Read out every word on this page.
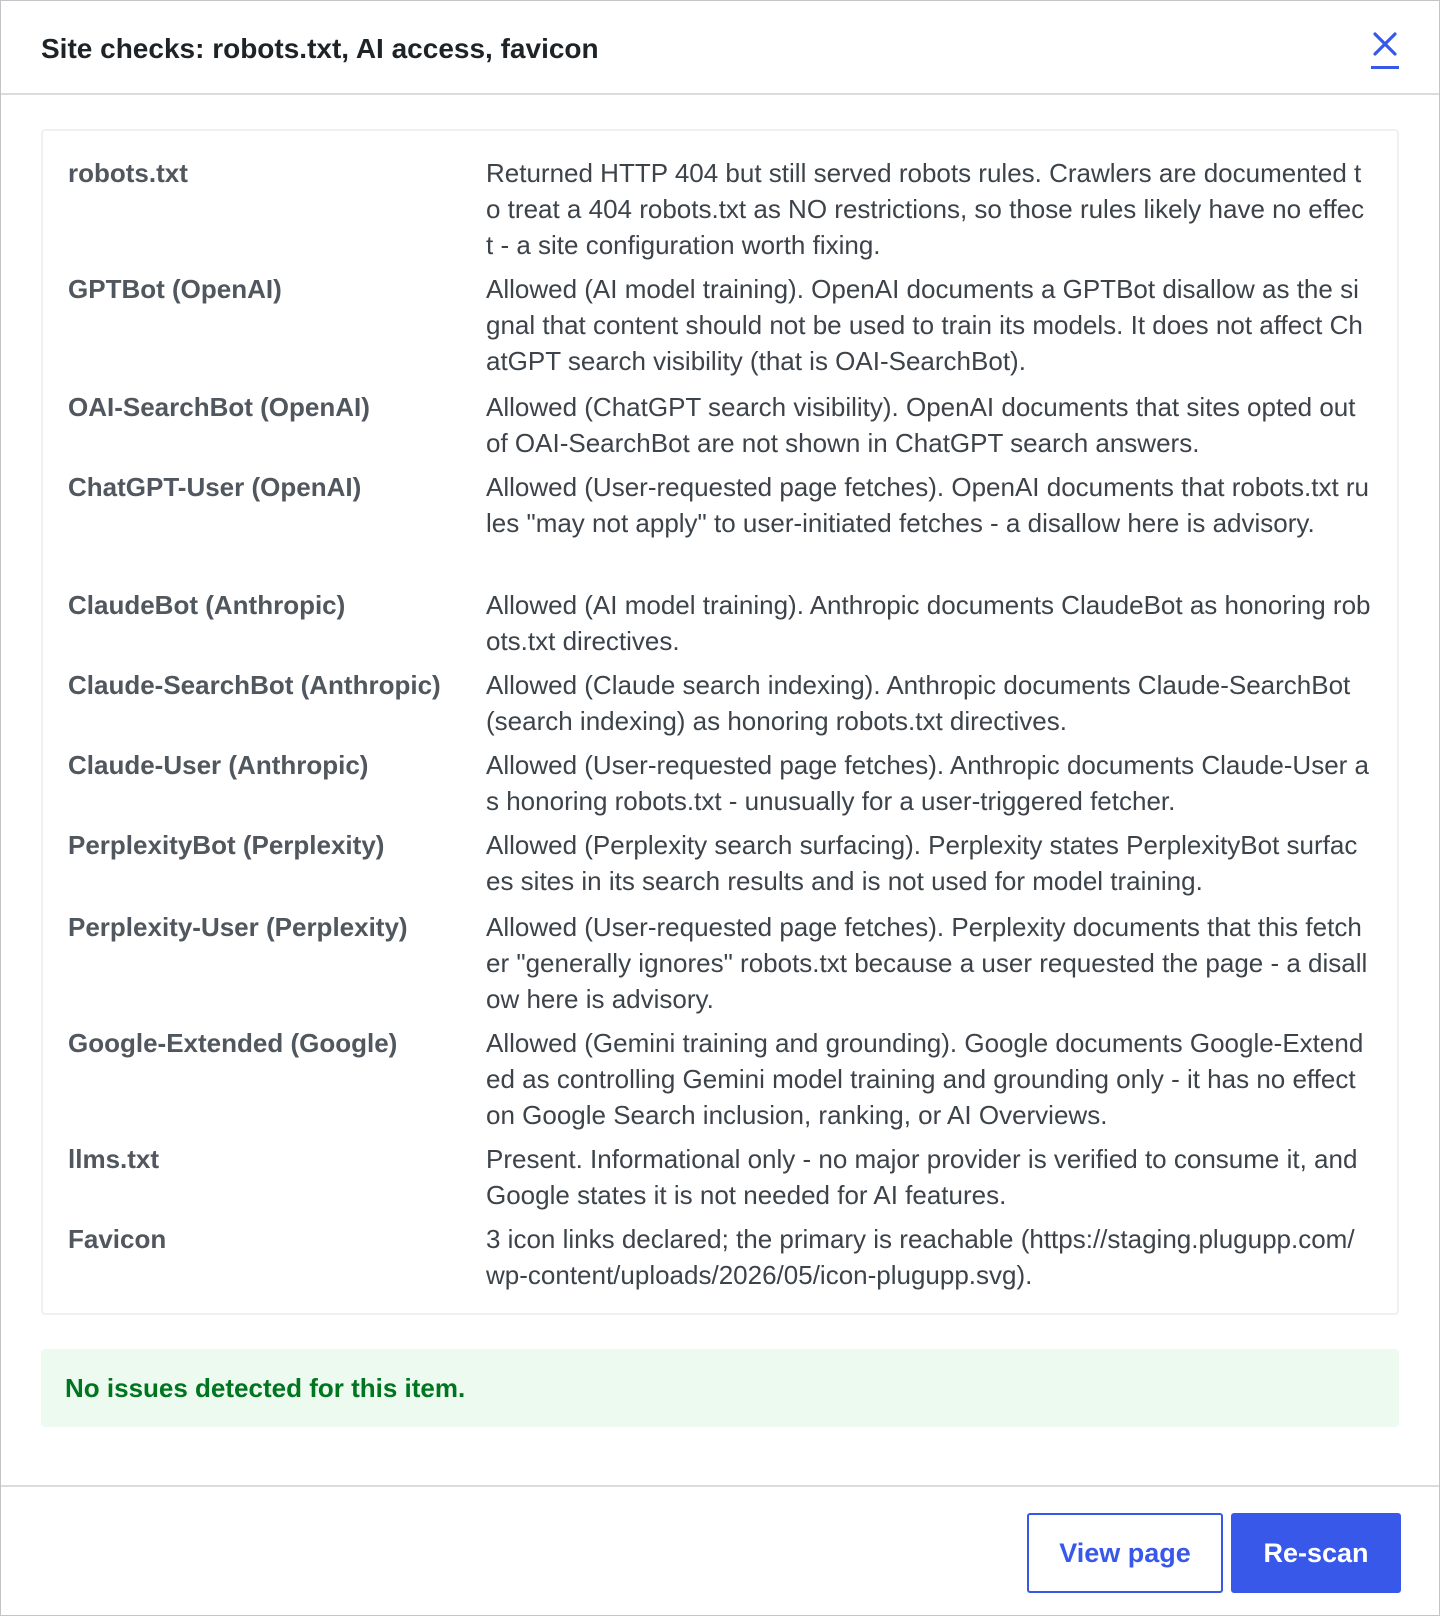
Site checks: robots.txt, AI access, favicon
robots.txt	Returned HTTP 404 but still served robots rules. Crawlers are documented to treat a 404 robots.txt as NO restrictions, so those rules likely have no effect - a site configuration worth fixing.
GPTBot (OpenAI)	Allowed (AI model training). OpenAI documents a GPTBot disallow as the signal that content should not be used to train its models. It does not affect ChatGPT search visibility (that is OAI-SearchBot).
OAI-SearchBot (OpenAI)	Allowed (ChatGPT search visibility). OpenAI documents that sites opted out of OAI-SearchBot are not shown in ChatGPT search answers.
ChatGPT-User (OpenAI)	Allowed (User-requested page fetches). OpenAI documents that robots.txt rules "may not apply" to user-initiated fetches - a disallow here is advisory.
ClaudeBot (Anthropic)	Allowed (AI model training). Anthropic documents ClaudeBot as honoring robots.txt directives.
Claude-SearchBot (Anthropic) Allowed (Claude search indexing). Anthropic documents Claude-SearchBot (search indexing) as honoring robots.txt directives.
Claude-User (Anthropic)	Allowed (User-requested page fetches). Anthropic documents Claude-User as honoring robots.txt - unusually for a user-triggered fetcher.
PerplexityBot (Perplexity)	Allowed (Perplexity search surfacing). Perplexity states PerplexityBot surfaces sites in its search results and is not used for model training.
Perplexity-User (Perplexity)	Allowed (User-requested page fetches). Perplexity documents that this fetcher "generally ignores" robots.txt because a user requested the page - a disallow here is advisory.
Google-Extended (Google)	Allowed (Gemini training and grounding). Google documents Google-Extended as controlling Gemini model training and grounding only - it has no effect on Google Search inclusion, ranking, or AI Overviews.
llms.txt	Present. Informational only - no major provider is verified to consume it, and Google states it is not needed for AI features.
Favicon	3 icon links declared; the primary is reachable (https://staging.plugupp.com/wp-content/uploads/2026/05/icon-plugupp.svg).
No issues detected for this item.
View page	Re-scan
